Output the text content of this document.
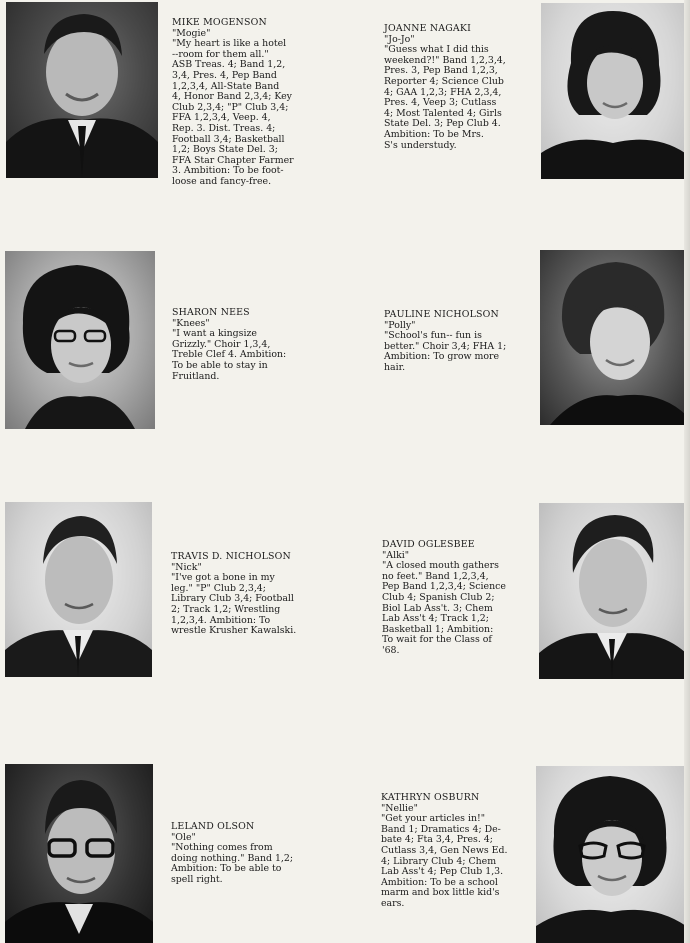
MIKE MOGENSON
"Mogie"
"My heart is like a hotel
--room for them all."
ASB Treas. 4; Band 1,2,
3,4, Pres. 4, Pep Band
1,2,3,4, All-State Band
4, Honor Band 2,3,4; Key
Club 2,3,4; "P" Club 3,4;
FFA 1,2,3,4, Veep. 4,
Rep. 3. Dist. Treas. 4;
Football 3,4; Basketball
1,2; Boys State Del. 3;
FFA Star Chapter Farmer
3. Ambition: To be foot-
loose and fancy-free.
JOANNE NAGAKI
"Jo-Jo"
"Guess what I did this
weekend?!" Band 1,2,3,4,
Pres. 3, Pep Band 1,2,3,
Reporter 4; Science Club
4; GAA 1,2,3; FHA 2,3,4,
Pres. 4, Veep 3; Cutlass
4; Most Talented 4; Girls
State Del. 3; Pep Club 4.
Ambition: To be Mrs.
S's understudy.
SHARON NEES
"Knees"
"I want a kingsize
Grizzly." Choir 1,3,4,
Treble Clef 4. Ambition:
To be able to stay in
Fruitland.
PAULINE NICHOLSON
"Polly"
"School's fun-- fun is
better." Choir 3,4; FHA 1;
Ambition: To grow more
hair.
TRAVIS D. NICHOLSON
"Nick"
"I've got a bone in my
leg." "P" Club 2,3,4;
Library Club 3,4; Football
2; Track 1,2; Wrestling
1,2,3,4. Ambition: To
wrestle Krusher Kawalski.
DAVID OGLESBEE
"Alki"
"A closed mouth gathers
no feet." Band 1,2,3,4,
Pep Band 1,2,3,4; Science
Club 4; Spanish Club 2;
Biol Lab Ass't. 3; Chem
Lab Ass't 4; Track 1,2;
Basketball 1; Ambition:
To wait for the Class of
'68.
LELAND OLSON
"Ole"
"Nothing comes from
doing nothing." Band 1,2;
Ambition: To be able to
spell right.
KATHRYN OSBURN
"Nellie"
"Get your articles in!"
Band 1; Dramatics 4; De-
bate 4; Fta 3,4, Pres. 4;
Cutlass 3,4, Gen News Ed.
4; Library Club 4; Chem
Lab Ass't 4; Pep Club 1,3.
Ambition: To be a school
marm and box little kid's
ears.
